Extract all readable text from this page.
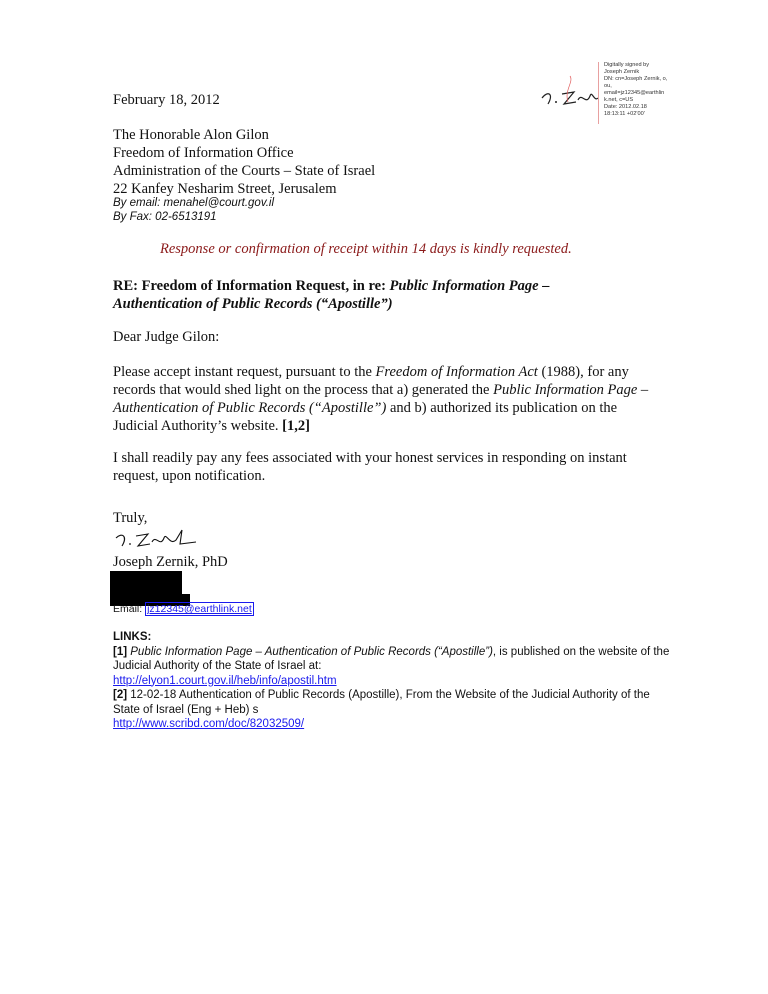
Digitally signed by
Joseph Zernik
DN: cn=Joseph Zernik, o,
ou,
email=jz12345@earthlin
k.net, c=US
Date: 2012.02.18
18:13:11 +02'00'
February 18, 2012
The Honorable Alon Gilon
Freedom of Information Office
Administration of the Courts – State of Israel
22 Kanfey Nesharim Street, Jerusalem
By email: menahel@court.gov.il
By Fax: 02-6513191
Response or confirmation of receipt within 14 days is kindly requested.
RE: Freedom of Information Request, in re: Public Information Page –
Authentication of Public Records (“Apostille”)
Dear Judge Gilon:
Please accept instant request, pursuant to the Freedom of Information Act (1988), for any records that would shed light on the process that a) generated the Public Information Page – Authentication of Public Records (“Apostille”) and b) authorized its publication on the Judicial Authority’s website. [1,2]
I shall readily pay any fees associated with your honest services in responding on instant request, upon notification.
Truly,
Joseph Zernik, PhD
Email: jz12345@earthlink.net
LINKS:
[1] Public Information Page – Authentication of Public Records (“Apostille”), is published on the website of the Judicial Authority of the State of Israel at:
http://elyon1.court.gov.il/heb/info/apostil.htm
[2] 12-02-18 Authentication of Public Records (Apostille), From the Website of the Judicial Authority of the State of Israel (Eng + Heb) s
http://www.scribd.com/doc/82032509/
